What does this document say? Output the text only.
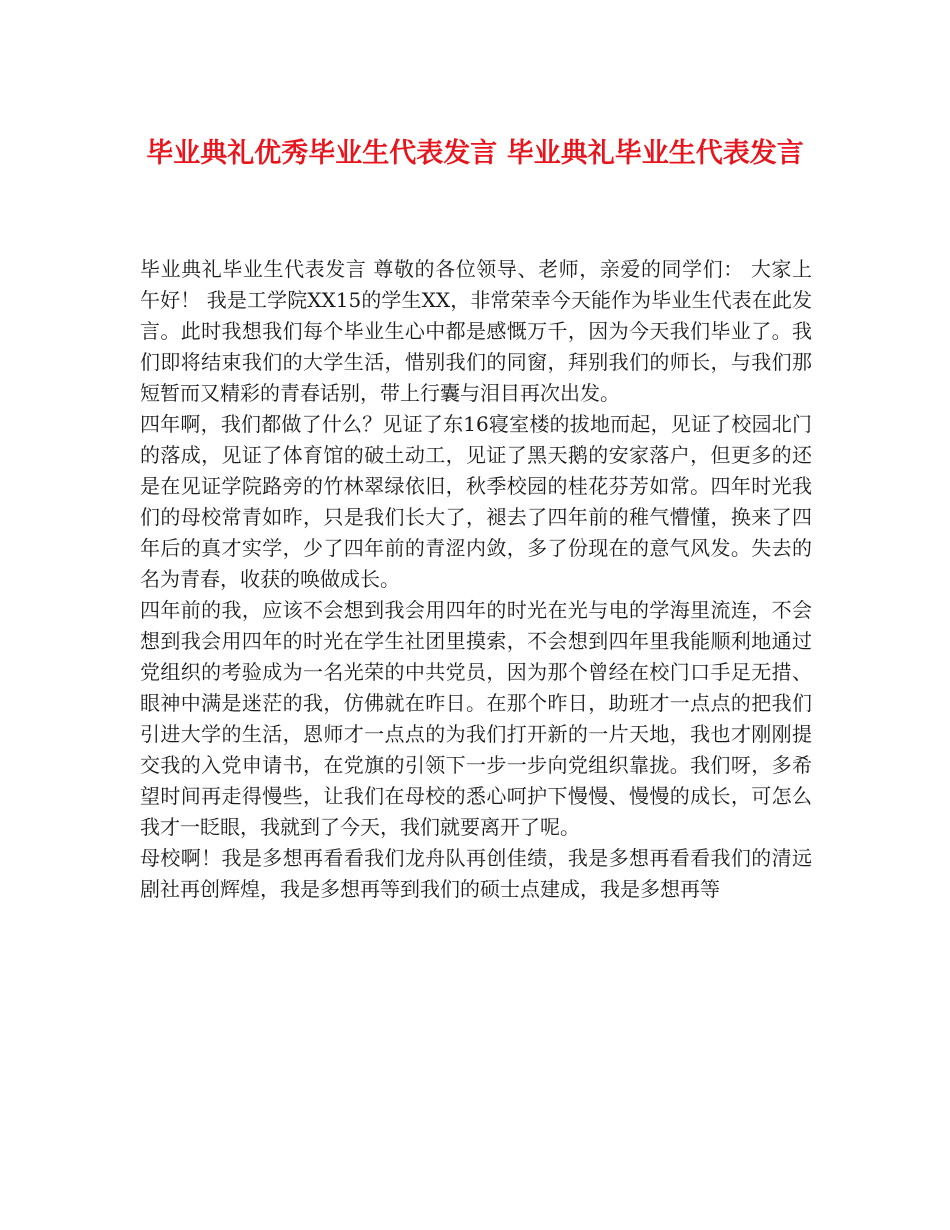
毕业典礼优秀毕业生代表发言 毕业典礼毕业生代表发言

毕业典礼毕业生代表发言 尊敬的各位领导、老师，亲爱的同学们： 大家上午好！ 我是工学院XX15的学生XX，非常荣幸今天能作为毕业生代表在此发言。此时我想我们每个毕业生心中都是感慨万千，因为今天我们毕业了。我们即将结束我们的大学生活，惜别我们的同窗，拜别我们的师长，与我们那短暂而又精彩的青春话别，带上行囊与泪目再次出发。

四年啊，我们都做了什么？见证了东16寝室楼的拔地而起，见证了校园北门的落成，见证了体育馆的破土动工，见证了黑天鹅的安家落户，但更多的还是在见证学院路旁的竹林翠绿依旧，秋季校园的桂花芬芳如常。四年时光我们的母校常青如昨，只是我们长大了，褪去了四年前的稚气懵懂，换来了四年后的真才实学，少了四年前的青涩内敛，多了份现在的意气风发。失去的名为青春，收获的唤做成长。

四年前的我，应该不会想到我会用四年的时光在光与电的学海里流连，不会想到我会用四年的时光在学生社团里摸索，不会想到四年里我能顺利地通过党组织的考验成为一名光荣的中共党员，因为那个曾经在校门口手足无措、眼神中满是迷茫的我，仿佛就在昨日。在那个昨日，助班才一点点的把我们引进大学的生活，恩师才一点点的为我们打开新的一片天地，我也才刚刚提交我的入党申请书，在党旗的引领下一步一步向党组织靠拢。我们呀，多希望时间再走得慢些，让我们在母校的悉心呵护下慢慢、慢慢的成长，可怎么我才一眨眼，我就到了今天，我们就要离开了呢。

母校啊！我是多想再看看我们龙舟队再创佳绩，我是多想再看看我们的清远剧社再创辉煌，我是多想再等到我们的硕士点建成，我是多想再等
